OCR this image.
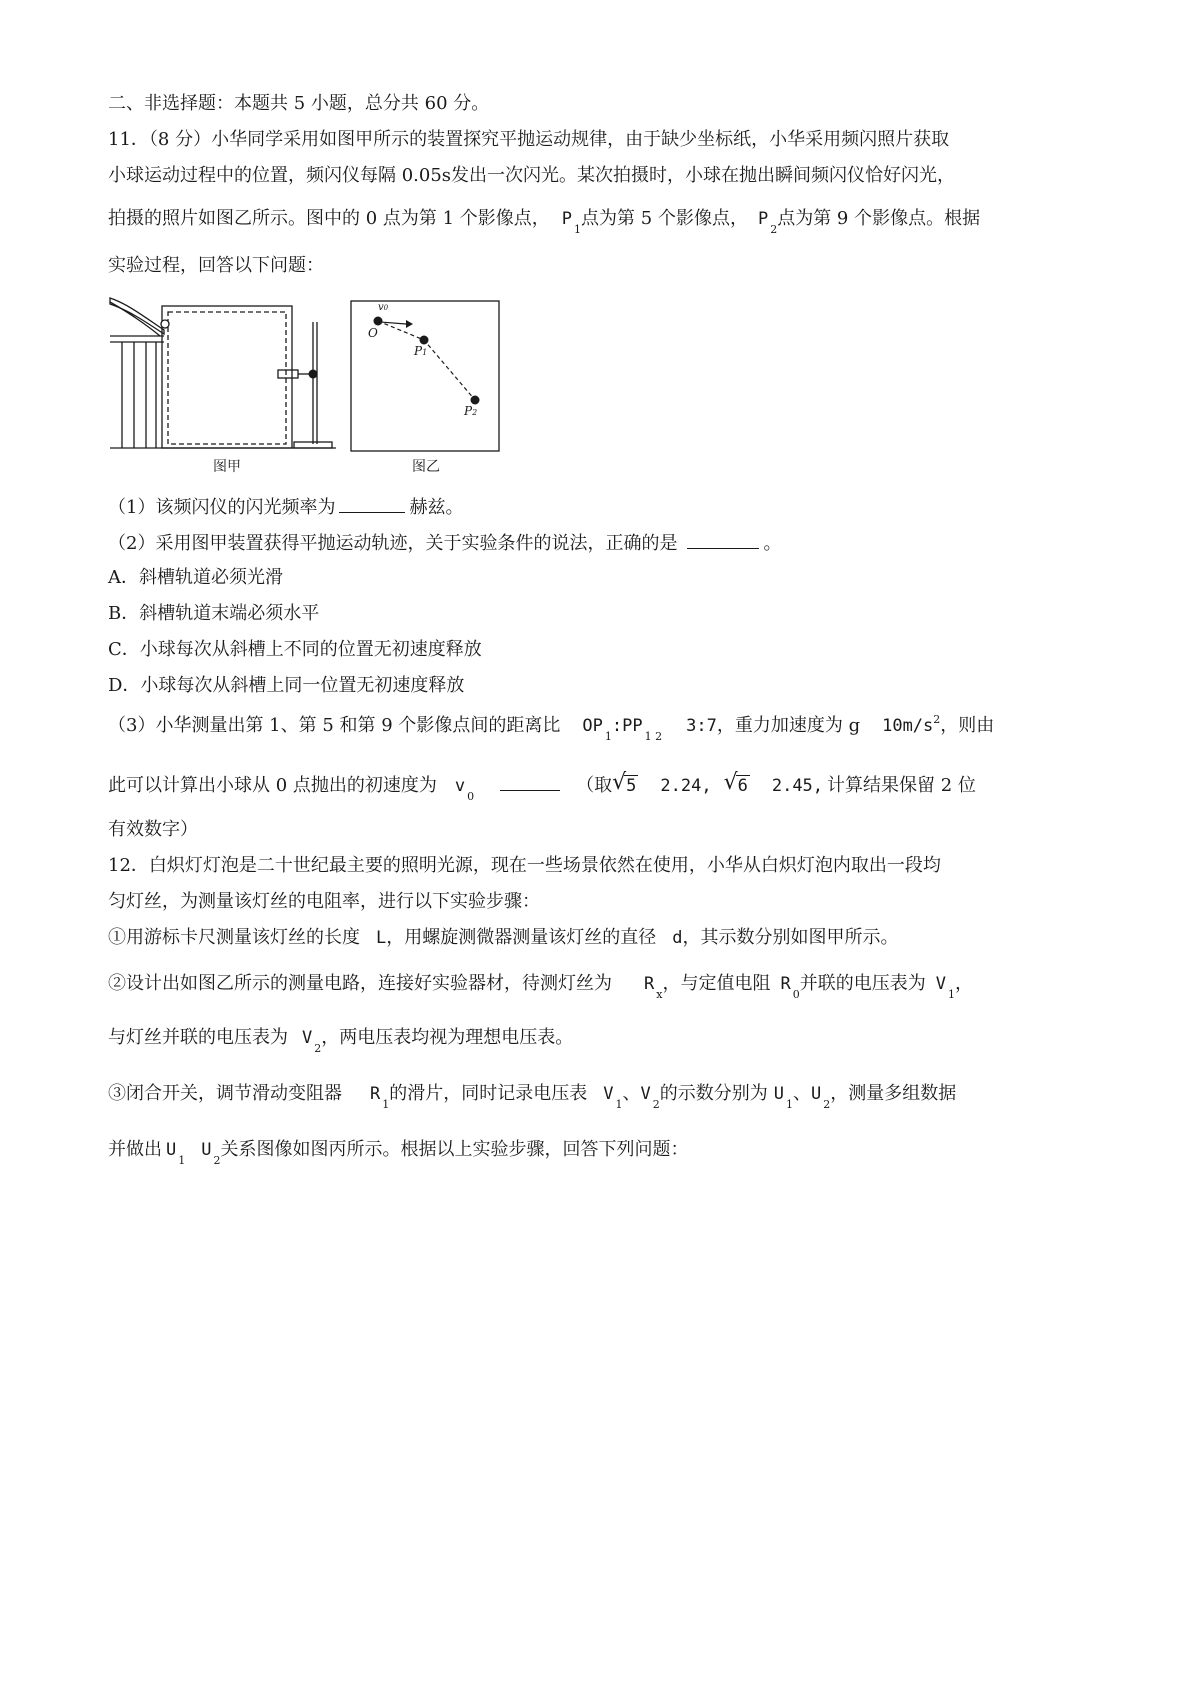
二、非选择题：本题共 5 小题，总分共 60 分。
11．（8 分）小华同学采用如图甲所示的装置探究平抛运动规律，由于缺少坐标纸，小华采用频闪照片获取
小球运动过程中的位置，频闪仪每隔 0.05s发出一次闪光。某次拍摄时，小球在抛出瞬间频闪仪恰好闪光，
拍摄的照片如图乙所示。图中的 0 点为第 1 个影像点， $P_1$点为第 5 个影像点， $P_2$点为第 9 个影像点。根据
实验过程，回答以下问题：
图甲
v0
O
P1
P2
图乙
（1）该频闪仪的闪光频率为	赫兹。
（2）采用图甲装置获得平抛运动轨迹，关于实验条件的说法，正确的是	。
A．斜槽轨道必须光滑
B．斜槽轨道末端必须水平
C．小球每次从斜槽上不同的位置无初速度释放
D．小球每次从斜槽上同一位置无初速度释放
（3）小华测量出第 1、第 5 和第 9 个影像点间的距离比 $OP_1:PP_{1 2}3:7$，重力加速度为 g $10m/s^2$，则由
此可以计算出小球从 0 点抛出的初速度为 $v_0$（取 √ 5 2.24, √ 6 2.45, 计算结果保留 2 位
有效数字）
12．白炽灯灯泡是二十世纪最主要的照明光源，现在一些场景依然在使用，小华从白炽灯泡内取出一段均
匀灯丝，为测量该灯丝的电阻率，进行以下实验步骤：
①用游标卡尺测量该灯丝的长度 L，用螺旋测微器测量该灯丝的直径 d，其示数分别如图甲所示。
②设计出如图乙所示的测量电路，连接好实验器材，待测灯丝为 $R_x$，与定值电阻 $R_0$并联的电压表为 $V_1$，
与灯丝并联的电压表为 $V_2$，两电压表均视为理想电压表。
③闭合开关，调节滑动变阻器 $R_1$的滑片，同时记录电压表 $V_1$、$V_2$的示数分别为 $U_1$、$U_2$，测量多组数据
并做出 $U_1U_2$关系图像如图丙所示。根据以上实验步骤，回答下列问题：
